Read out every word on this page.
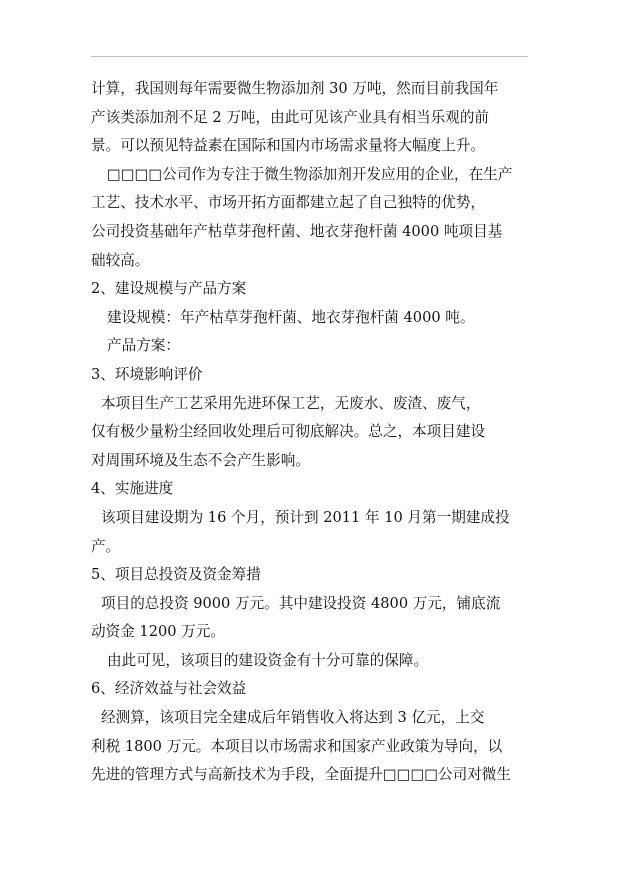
计算，我国则每年需要微生物添加剂 30 万吨，然而目前我国年
产该类添加剂不足 2 万吨，由此可见该产业具有相当乐观的前
景。可以预见特益素在国际和国内市场需求量将大幅度上升。
□□□□公司作为专注于微生物添加剂开发应用的企业，在生产
工艺、技术水平、市场开拓方面都建立起了自己独特的优势，
公司投资基础年产枯草芽孢杆菌、地衣芽孢杆菌 4000 吨项目基
础较高。
2、建设规模与产品方案
建设规模：年产枯草芽孢杆菌、地衣芽孢杆菌 4000 吨。
产品方案：
3、环境影响评价
本项目生产工艺采用先进环保工艺，无废水、废渣、废气，
仅有极少量粉尘经回收处理后可彻底解决。总之，本项目建设
对周围环境及生态不会产生影响。
4、实施进度
该项目建设期为 16 个月，预计到 2011 年 10 月第一期建成投
产。
5、项目总投资及资金筹措
项目的总投资 9000 万元。其中建设投资 4800 万元，铺底流
动资金 1200 万元。
由此可见，该项目的建设资金有十分可靠的保障。
6、经济效益与社会效益
经测算，该项目完全建成后年销售收入将达到 3 亿元，上交
利税 1800 万元。本项目以市场需求和国家产业政策为导向，以
先进的管理方式与高新技术为手段，全面提升□□□□公司对微生
